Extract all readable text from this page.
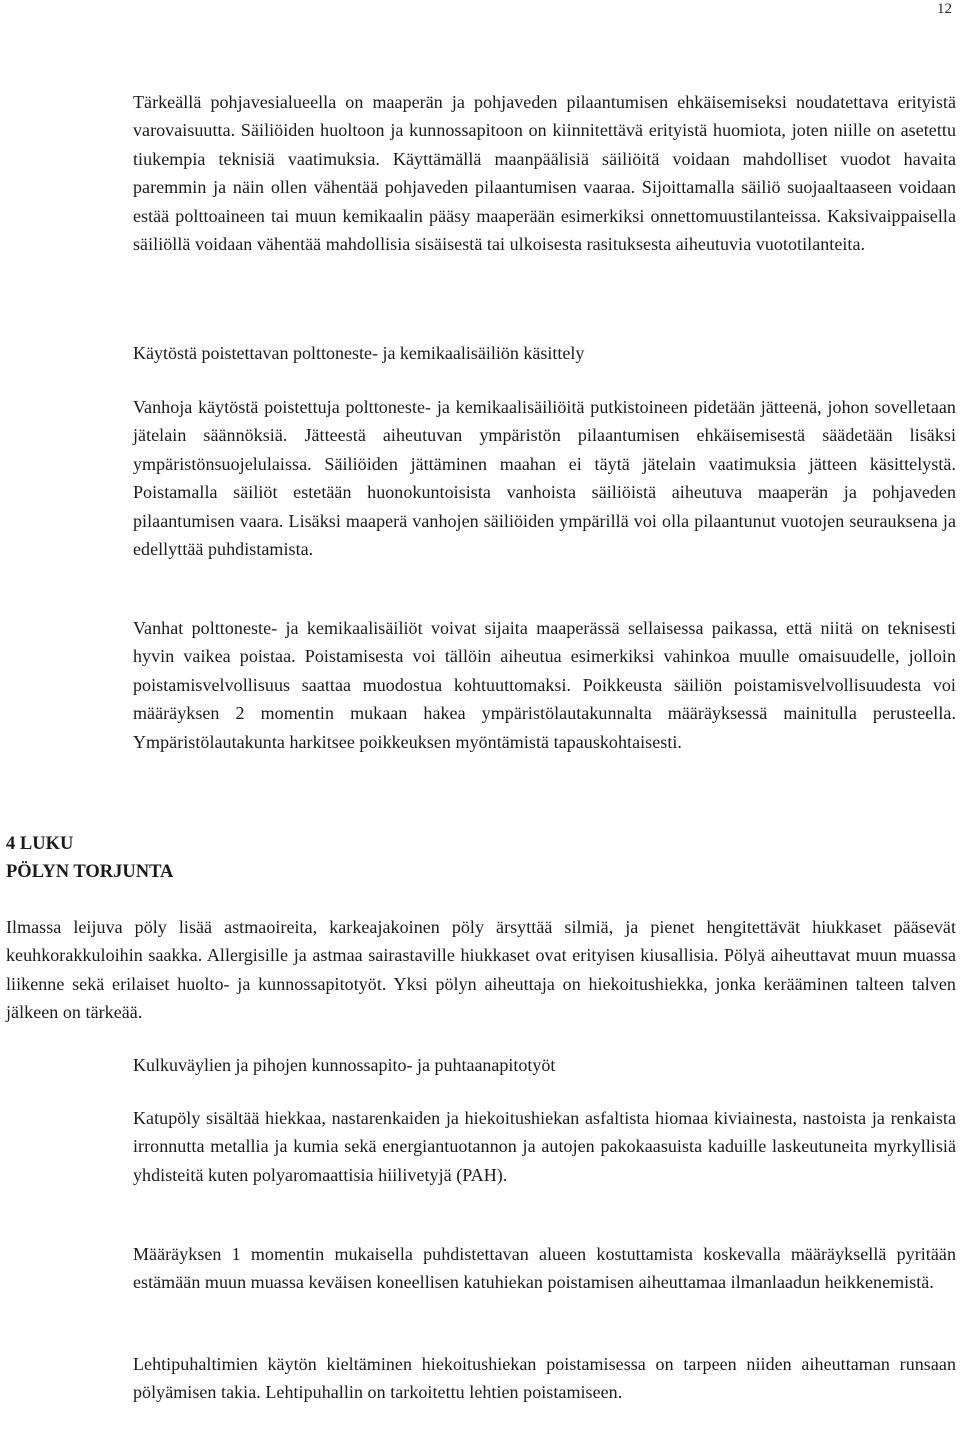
12

Tärkeällä pohjavesialueella on maaperän ja pohjaveden pilaantumisen ehkäisemiseksi noudatettava erityistä varovaisuutta. Säiliöiden huoltoon ja kunnossapitoon on kiinnitettävä erityistä huomiota, joten niille on asetettu tiukempia teknisiä vaatimuksia. Käyttämällä maanpäälisiä säiliöitä voidaan mahdolliset vuodot havaita paremmin ja näin ollen vähentää pohjaveden pilaantumisen vaaraa. Sijoittamalla säiliö suojaaltaaseen voidaan estää polttoaineen tai muun kemikaalin pääsy maaperään esimerkiksi onnettomuustilanteissa. Kaksivaippaisella säiliöllä voidaan vähentää mahdollisia sisäisestä tai ulkoisesta rasituksesta aiheutuvia vuototilanteita.

Käytöstä poistettavan polttoneste- ja kemikaalisäiliön käsittely

Vanhoja käytöstä poistettuja polttoneste- ja kemikaalisäiliöitä putkistoineen pidetään jätteenä, johon sovelletaan jätelain säännöksiä. Jätteestä aiheutuvan ympäristön pilaantumisen ehkäisemisestä säädetään lisäksi ympäristönsuojelulaissa. Säiliöiden jättäminen maahan ei täytä jätelain vaatimuksia jätteen käsittelystä. Poistamalla säiliöt estetään huonokuntoisista vanhoista säiliöistä aiheutuva maaperän ja pohjaveden pilaantumisen vaara. Lisäksi maaperä vanhojen säiliöiden ympärillä voi olla pilaantunut vuotojen seurauksena ja edellyttää puhdistamista.

Vanhat polttoneste- ja kemikaalisäiliöt voivat sijaita maaperässä sellaisessa paikassa, että niitä on teknisesti hyvin vaikea poistaa. Poistamisesta voi tällöin aiheutua esimerkiksi vahinkoa muulle omaisuudelle, jolloin poistamisvelvollisuus saattaa muodostua kohtuuttomaksi. Poikkeusta säiliön poistamisvelvollisuudesta voi määräyksen 2 momentin mukaan hakea ympäristölautakunnalta määräyksessä mainitulla perusteella. Ympäristölautakunta harkitsee poikkeuksen myöntämistä tapauskohtaisesti.

4 LUKU
PÖLYN TORJUNTA

Ilmassa leijuva pöly lisää astmaoireita, karkeajakoinen pöly ärsyttää silmiä, ja pienet hengitettävät hiukkaset pääsevät keuhkorakkuloihin saakka. Allergisille ja astmaa sairastaville hiukkaset ovat erityisen kiusallisia. Pölyä aiheuttavat muun muassa liikenne sekä erilaiset huolto- ja kunnossapitotyöt. Yksi pölyn aiheuttaja on hiekoitushiekka, jonka kerääminen talteen talven jälkeen on tärkeää.

Kulkuväylien ja pihojen kunnossapito- ja puhtaanapitotyöt

Katupöly sisältää hiekkaa, nastarenkaiden ja hiekoitushiekan asfaltista hiomaa kiviainesta, nastoista ja renkaista irronnutta metallia ja kumia sekä energiantuotannon ja autojen pakokaasuista kaduille laskeutuneita myrkyllisiä yhdisteitä kuten polyaromaattisia hiilivetyjä (PAH).

Määräyksen 1 momentin mukaisella puhdistettavan alueen kostuttamista koskevalla määräyksellä pyritään estämään muun muassa keväisen koneellisen katuhiekan poistamisen aiheuttamaa ilmanlaadun heikkenemistä.

Lehtipuhaltimien käytön kieltäminen hiekoitushiekan poistamisessa on tarpeen niiden aiheuttaman runsaan pölyämisen takia. Lehtipuhallin on tarkoitettu lehtien poistamiseen.
